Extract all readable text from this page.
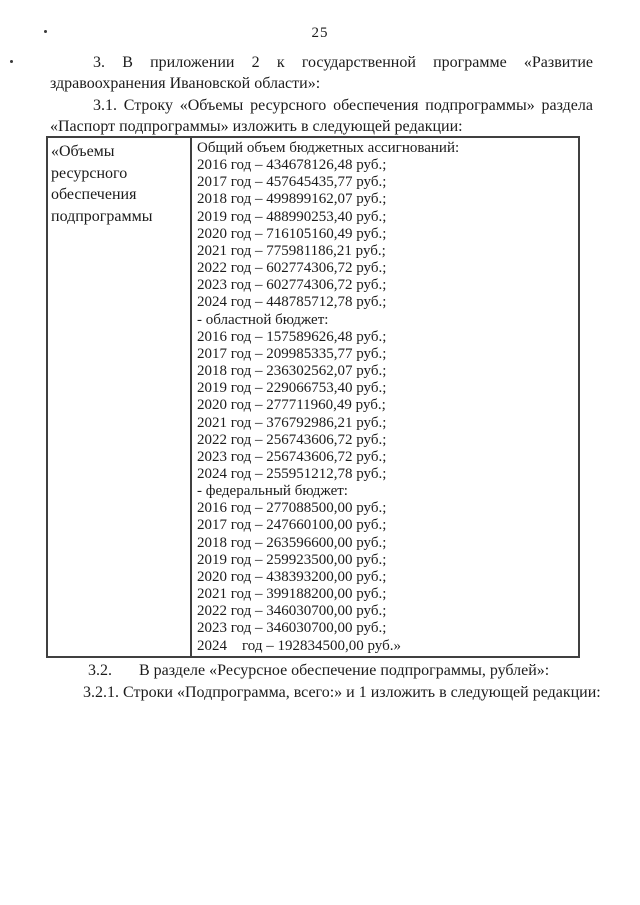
25
3. В приложении 2 к государственной программе «Развитие
здравоохранения Ивановской области»:
3.1. Строку «Объемы ресурсного обеспечения подпрограммы» раздела
«Паспорт подпрограммы» изложить в следующей редакции:
«Объемы
ресурсного
обеспечения
подпрограммы
Общий объем бюджетных ассигнований:
2016 год – 434678126,48 руб.;
2017 год – 457645435,77 руб.;
2018 год – 499899162,07 руб.;
2019 год – 488990253,40 руб.;
2020 год – 716105160,49 руб.;
2021 год – 775981186,21 руб.;
2022 год – 602774306,72 руб.;
2023 год – 602774306,72 руб.;
2024 год – 448785712,78 руб.;
- областной бюджет:
2016 год – 157589626,48 руб.;
2017 год – 209985335,77 руб.;
2018 год – 236302562,07 руб.;
2019 год – 229066753,40 руб.;
2020 год – 277711960,49 руб.;
2021 год – 376792986,21 руб.;
2022 год – 256743606,72 руб.;
2023 год – 256743606,72 руб.;
2024 год – 255951212,78 руб.;
- федеральный бюджет:
2016 год – 277088500,00 руб.;
2017 год – 247660100,00 руб.;
2018 год – 263596600,00 руб.;
2019 год – 259923500,00 руб.;
2020 год – 438393200,00 руб.;
2021 год – 399188200,00 руб.;
2022 год – 346030700,00 руб.;
2023 год – 346030700,00 руб.;
2024    год – 192834500,00 руб.»
3.2. В разделе «Ресурсное обеспечение подпрограммы, рублей»:
3.2.1. Строки «Подпрограмма, всего:» и 1 изложить в следующей редакции:
